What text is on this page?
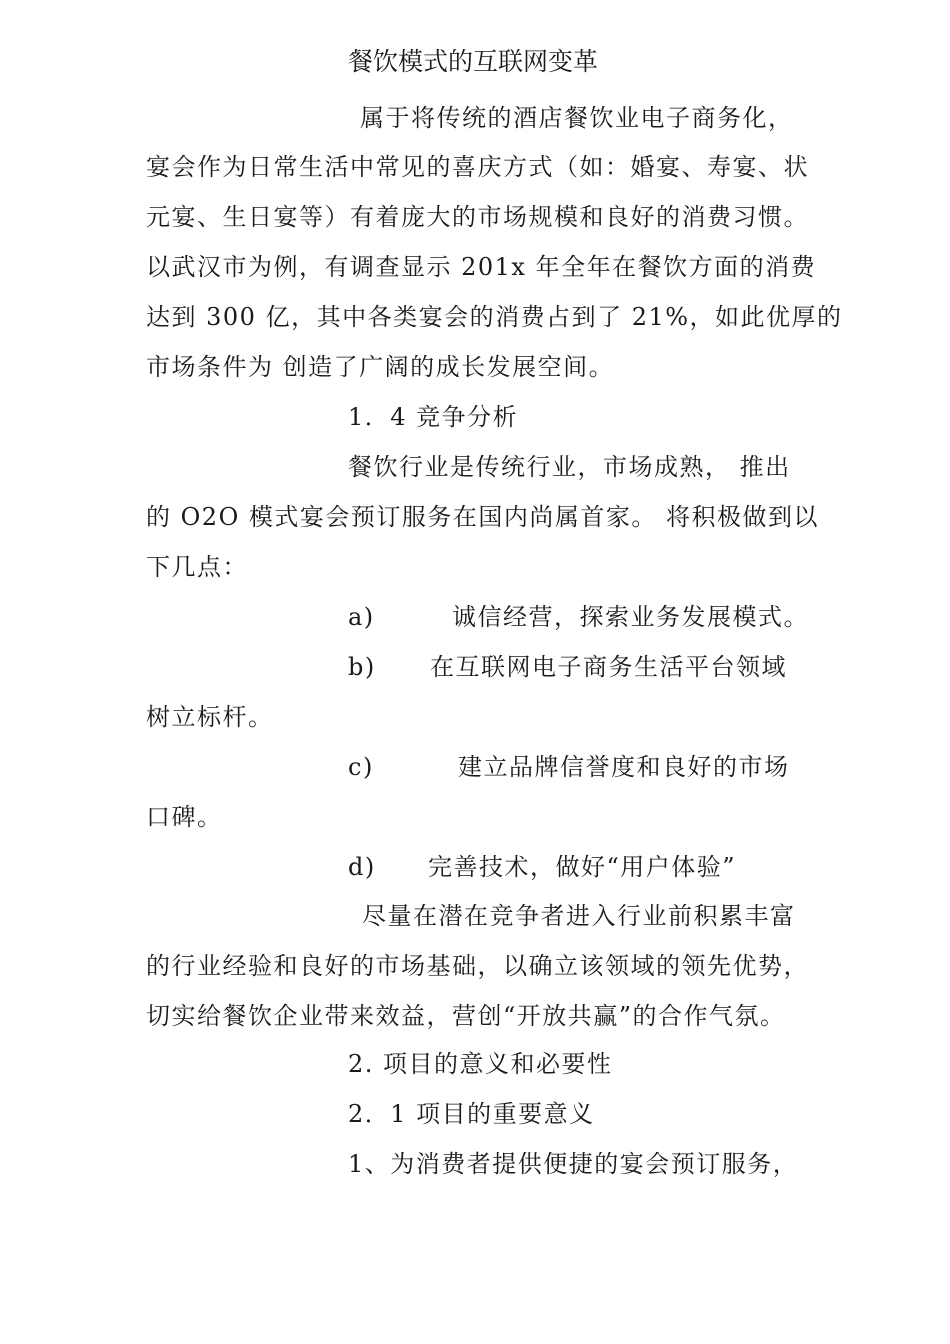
餐饮模式的互联网变革
属于将传统的酒店餐饮业电子商务化，
宴会作为日常生活中常见的喜庆方式（如：婚宴、寿宴、状
元宴、生日宴等）有着庞大的市场规模和良好的消费习惯。
以武汉市为例，有调查显示 201x 年全年在餐饮方面的消费
达到 300 亿，其中各类宴会的消费占到了 21%，如此优厚的
市场条件为 创造了广阔的成长发展空间。
1．4 竞争分析
餐饮行业是传统行业，市场成熟， 推出
的 O2O 模式宴会预订服务在国内尚属首家。 将积极做到以
下几点：
a)	诚信经营，探索业务发展模式。
b) 在互联网电子商务生活平台领域
树立标杆。
c)	建立品牌信誉度和良好的市场
口碑。
d) 完善技术，做好“用户体验”
尽量在潜在竞争者进入行业前积累丰富
的行业经验和良好的市场基础，以确立该领域的领先优势，
切实给餐饮企业带来效益，营创“开放共赢”的合作气氛。
2. 项目的意义和必要性
2．1 项目的重要意义
1、为消费者提供便捷的宴会预订服务，
